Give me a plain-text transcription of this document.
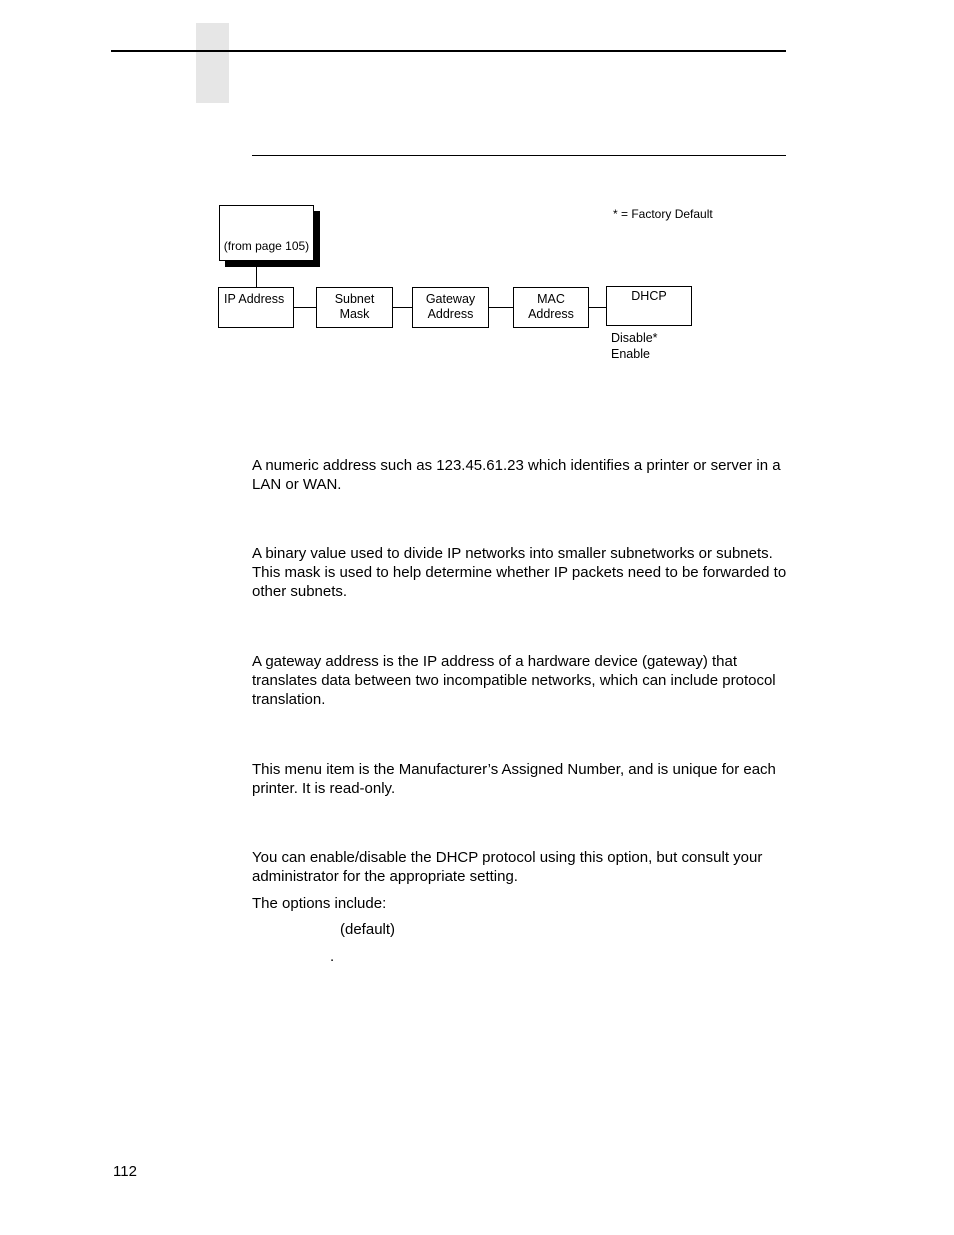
* = Factory Default
(from page 105)
IP Address	Subnet
Mask
Gateway
Address
MAC
Address
DHCP
Disable*
Enable

A numeric address such as 123.45.61.23 which identifies a printer or server in a LAN or WAN.

A binary value used to divide IP networks into smaller subnetworks or subnets. This mask is used to help determine whether IP packets need to be forwarded to other subnets.

A gateway address is the IP address of a hardware device (gateway) that translates data between two incompatible networks, which can include protocol translation.

This menu item is the Manufacturer’s Assigned Number, and is unique for each printer. It is read-only.

You can enable/disable the DHCP protocol using this option, but consult your administrator for the appropriate setting.

The options include:

(default)

.

112
